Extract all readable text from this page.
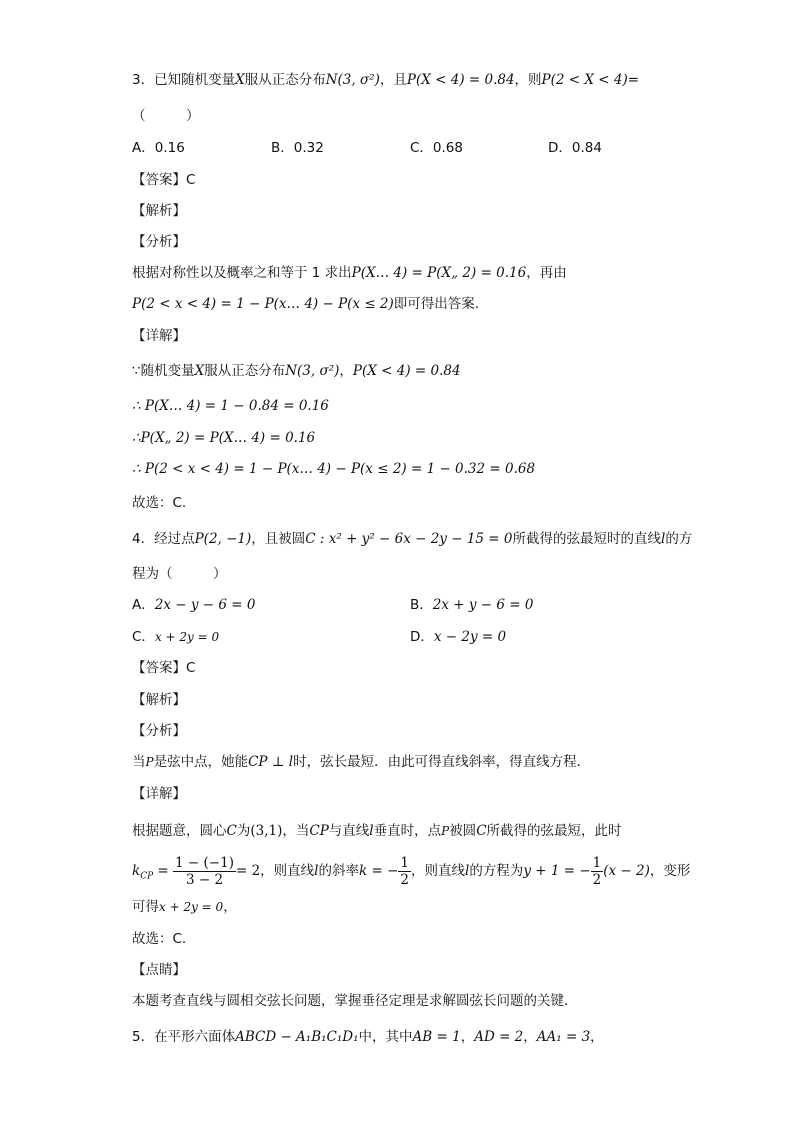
3．已知随机变量X服从正态分布N(3, σ²)，且P(X < 4) = 0.84，则P(2 < X < 4)=
（　　　）
A．0.16	B．0.32	C．0.68	D．0.84
【答案】C
【解析】
【分析】
根据对称性以及概率之和等于 1 求出P(X… 4) = P(X„ 2) = 0.16，再由
P(2 < x < 4) = 1 − P(x… 4) − P(x ≤ 2)即可得出答案.
【详解】
∵随机变量X服从正态分布N(3, σ²)，P(X < 4) = 0.84
∴ P(X… 4) = 1 − 0.84 = 0.16
∴P(X„ 2) = P(X… 4) = 0.16
∴ P(2 < x < 4) = 1 − P(x… 4) − P(x ≤ 2) = 1 − 0.32 = 0.68
故选：C.
4．经过点P(2, −1)，且被圆C : x² + y² − 6x − 2y − 15 = 0所截得的弦最短时的直线l的方
程为（　　　）
A．2x − y − 6 = 0	B．2x + y − 6 = 0
C．x + 2y = 0	D．x − 2y = 0
【答案】C
【解析】
【分析】
当P是弦中点，她能CP ⊥ l时，弦长最短．由此可得直线斜率，得直线方程．
【详解】
根据题意，圆心C为(3,1)，当CP与直线l垂直时，点P被圆C所截得的弦最短，此时
$k_{CP} = \frac{1 - (-1)}{3 - 2} = 2$，则直线l的斜率k = − $\frac{1}{2}$ ，则直线l的方程为y + 1 = − $\frac{1}{2} (x - 2)$，变形
可得x + 2y = 0，
故选：C.
【点睛】
本题考查直线与圆相交弦长问题，掌握垂径定理是求解圆弦长问题的关键．
5．在平形六面体ABCD − A₁B₁C₁D₁中，其中AB = 1，AD = 2，AA₁ = 3，
